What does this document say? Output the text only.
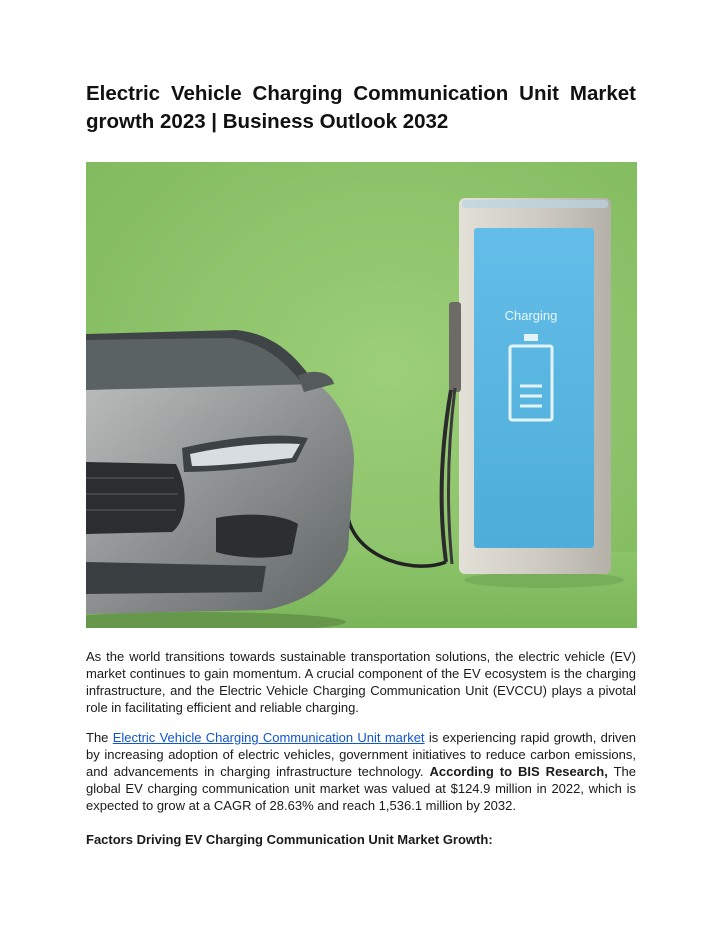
Electric Vehicle Charging Communication Unit Market growth 2023 | Business Outlook 2032
Charging

As the world transitions towards sustainable transportation solutions, the electric vehicle (EV) market continues to gain momentum. A crucial component of the EV ecosystem is the charging infrastructure, and the Electric Vehicle Charging Communication Unit (EVCCU) plays a pivotal role in facilitating efficient and reliable charging.

The Electric Vehicle Charging Communication Unit market is experiencing rapid growth, driven by increasing adoption of electric vehicles, government initiatives to reduce carbon emissions, and advancements in charging infrastructure technology. According to BIS Research, The global EV charging communication unit market was valued at $124.9 million in 2022, which is expected to grow at a CAGR of 28.63% and reach 1,536.1 million by 2032.

Factors Driving EV Charging Communication Unit Market Growth:
